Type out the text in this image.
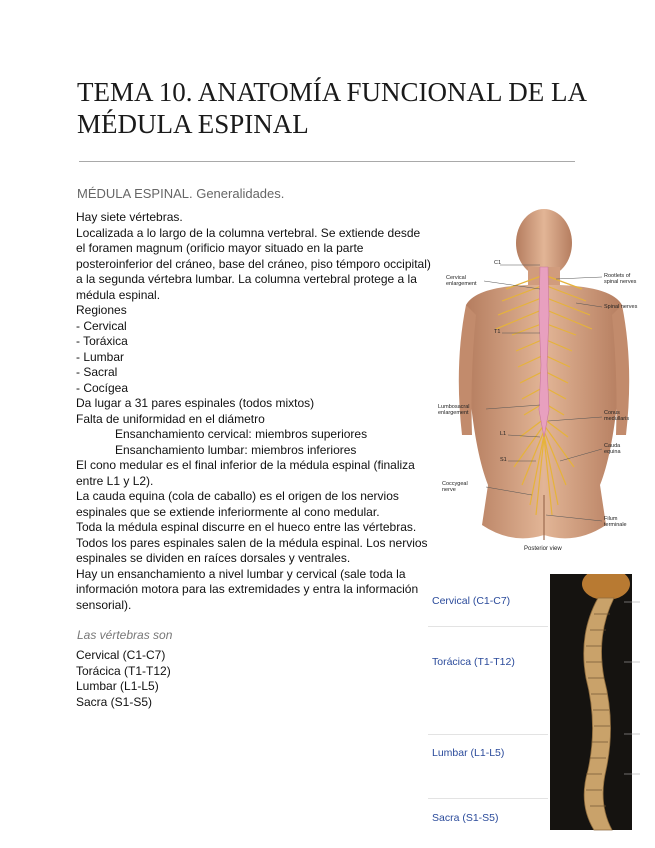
TEMA 10. ANATOMÍA FUNCIONAL DE LA MÉDULA ESPINAL
MÉDULA ESPINAL. Generalidades.

Hay siete vértebras.

Localizada a lo largo de la columna vertebral. Se extiende desde el foramen magnum (orificio mayor situado en la parte posteroinferior del cráneo, base del cráneo, piso témporo occipital) a la segunda vértebra lumbar. La columna vertebral protege a la médula espinal.

Regiones

- Cervical

- Toráxica

- Lumbar

- Sacral

- Cocígea

Da lugar a 31 pares espinales (todos mixtos)

Falta de uniformidad en el diámetro

Ensanchamiento cervical: miembros superiores

Ensanchamiento lumbar: miembros inferiores

El cono medular es el final inferior de la médula espinal (finaliza entre L1 y L2).

La cauda equina (cola de caballo) es el origen de los nervios espinales que se extiende inferiormente al cono medular.

Toda la médula espinal discurre en el hueco entre las vértebras.

Todos los pares espinales salen de la médula espinal. Los nervios espinales se dividen en raíces dorsales y ventrales.

Hay un ensanchamiento a nivel lumbar y cervical (sale toda la información motora para las extremidades y entra la información sensorial).

Las vértebras son
Cervical (C1-C7)
Torácica (T1-T12)
Lumbar (L1-L5)
Sacra (S1-S5)
C1
Cervical
enlargement
Rootlets of
spinal nerves
Spinal nerves
T1
Lumbosacral
enlargement	Conus
medullaris
L1
Cauda
equina
S1
Coccygeal
nerve
Filum
terminale
Posterior view
Cervical (C1-C7)
Torácica (T1-T12)
Lumbar (L1-L5)
Sacra (S1-S5)
